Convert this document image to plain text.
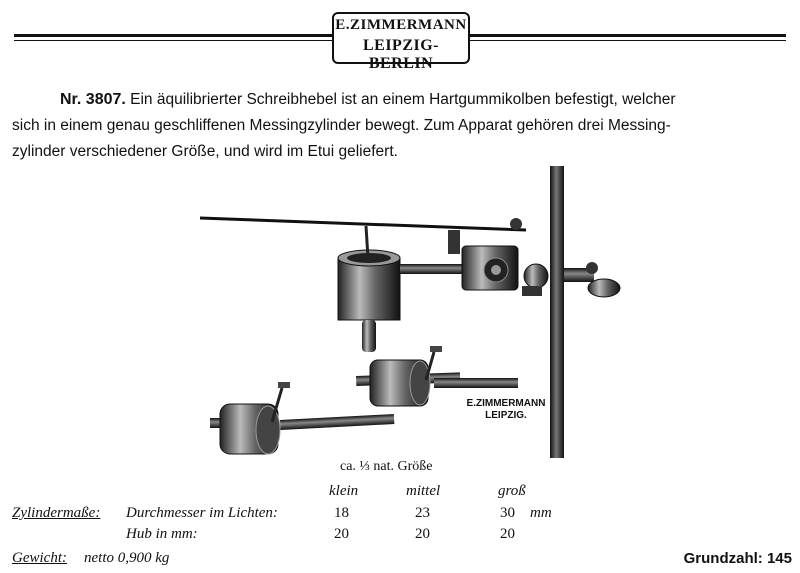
E.ZIMMERMANN
LEIPZIG-BERLIN
Nr. 3807. Ein äquilibrierter Schreibhebel ist an einem Hartgummikolben befestigt, welcher
sich in einem genau geschliffenen Messingzylinder bewegt. Zum Apparat gehören drei Messing-
zylinder verschiedener Größe, und wird im Etui geliefert.
E.ZIMMERMANN
LEIPZIG.
ca. ⅓ nat. Größe
klein	mittel	groß
Zylindermaße: Durchmesser im Lichten:	18	23	30 mm
Hub in mm:	20	20	20
Gewicht: netto 0,900 kg	Grundzahl: 145
